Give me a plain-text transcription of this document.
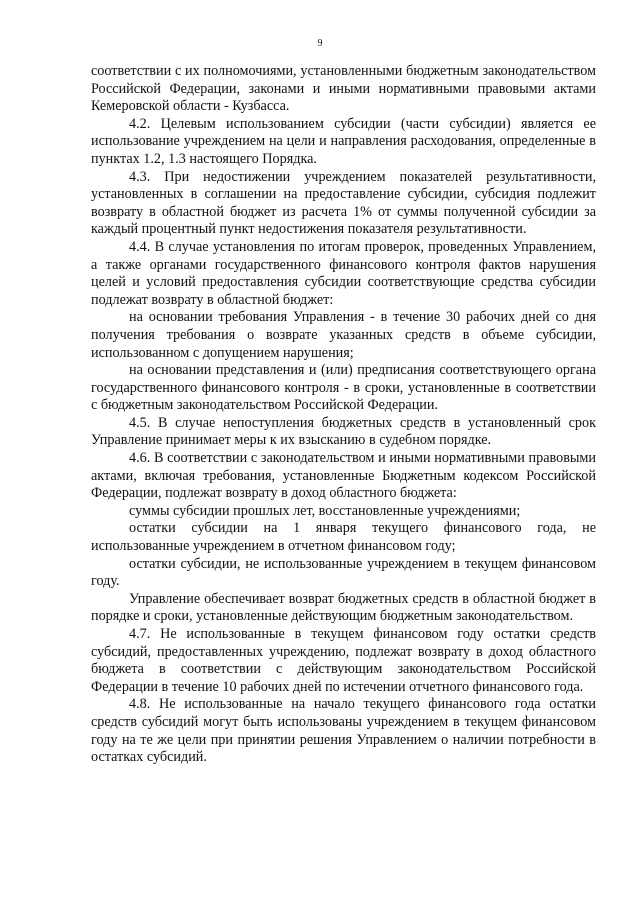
9

соответствии с их полномочиями, установленными бюджетным законодательством Российской Федерации, законами и иными нормативными правовыми актами Кемеровской области - Кузбасса.

4.2. Целевым использованием субсидии (части субсидии) является ее использование учреждением на цели и направления расходования, определенные в пунктах 1.2, 1.3 настоящего Порядка.

4.3. При недостижении учреждением показателей результативности, установленных в соглашении на предоставление субсидии, субсидия подлежит возврату в областной бюджет из расчета 1% от суммы полученной субсидии за каждый процентный пункт недостижения показателя результативности.

4.4. В случае установления по итогам проверок, проведенных Управлением, а также органами государственного финансового контроля фактов нарушения целей и условий предоставления субсидии соответствующие средства субсидии подлежат возврату в областной бюджет:

на основании требования Управления - в течение 30 рабочих дней со дня получения требования о возврате указанных средств в объеме субсидии, использованном с допущением нарушения;

на основании представления и (или) предписания соответствующего органа государственного финансового контроля - в сроки, установленные в соответствии с бюджетным законодательством Российской Федерации.

4.5. В случае непоступления бюджетных средств в установленный срок Управление принимает меры к их взысканию в судебном порядке.

4.6. В соответствии с законодательством и иными нормативными правовыми актами, включая требования, установленные Бюджетным кодексом Российской Федерации, подлежат возврату в доход областного бюджета:

суммы субсидии прошлых лет, восстановленные учреждениями;

остатки субсидии на 1 января текущего финансового года, не использованные учреждением в отчетном финансовом году;

остатки субсидии, не использованные учреждением в текущем финансовом году.

Управление обеспечивает возврат бюджетных средств в областной бюджет в порядке и сроки, установленные действующим бюджетным законодательством.

4.7. Не использованные в текущем финансовом году остатки средств субсидий, предоставленных учреждению, подлежат возврату в доход областного бюджета в соответствии с действующим законодательством Российской Федерации в течение 10 рабочих дней по истечении отчетного финансового года.

4.8. Не использованные на начало текущего финансового года остатки средств субсидий могут быть использованы учреждением в текущем финансовом году на те же цели при принятии решения Управлением о наличии потребности в остатках субсидий.
